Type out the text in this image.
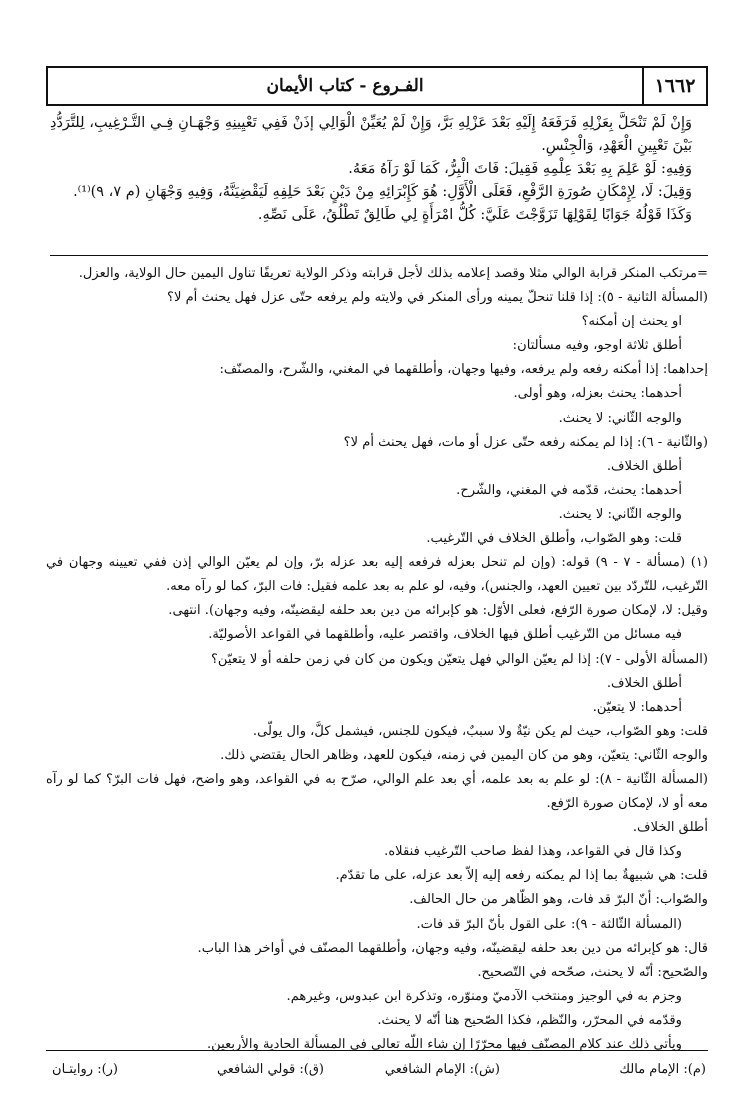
١٦٦٢
الفـروع - كتاب الأيمان

وَإِنْ لَمْ تَنْحَلَّ بِعَزْلِهِ فَرَفَعَهُ إِلَيْهِ بَعْدَ عَزْلِهِ بَرَّ، وَإِنْ لَمْ يُعَيِّنْ الْوَالِي إذَنْ فَفِي تَعْيِينِهِ وَجْهَـانِ فِـي التَّـرْغِيبِ، لِلتَّرَدُّدِ بَيْنَ تَعْيِينِ الْعَهْدِ، وَالْجِنْسِ.

وَفِيهِ: لَوْ عَلِمَ بِهِ بَعْدَ عِلْمِهِ فَقِيلَ: فَاتَ الْبِرُّ، كَمَا لَوْ رَآهُ مَعَهُ.

وَقِيلَ: لَا، لِإِمْكَانِ صُورَةِ الرَّفْعِ، فَعَلَى الْأَوَّلِ: هُوَ كَإِبْرَائِهِ مِنْ دَيْنٍ بَعْدَ حَلِفِهِ لَيَقْضِيَنَّهُ، وَفِيهِ وَجْهَانِ (م ٧، ٩)⁽¹⁾.

وَكَذَا قَوْلُهُ جَوَابًا لِقَوْلِهَا تَزَوَّجْتَ عَلَيَّ: كُلُّ امْرَأَةٍ لِي طَالِقٌ تَطْلُقُ، عَلَى نَصِّهِ.

=مرتكب المنكر قرابة الوالي مثلا وقصد إعلامه بذلك لأجل قرابته وذكر الولاية تعريفًا تناول اليمين حال الولاية، والعزل.

(المسألة الثانية - ٥): إذا قلنا تنحلّ يمينه ورأى المنكر في ولايته ولم يرفعه حتّى عزل فهل يحنث أم لا؟

او يحنث إن أمكنه؟

أطلق ثلاثة اوجو، وفيه مسألتان:

إحداهما: إذا أمكنه رفعه ولم يرفعه، وفيها وجهان، وأطلقهما في المغني، والشّرح، والمصنّف:

أحدهما: يحنث بعزله، وهو أولى.

والوجه الثّاني: لا يحنث.

(والثّانية - ٦): إذا لم يمكنه رفعه حتّى عزل أو مات، فهل يحنث أم لا؟

أطلق الخلاف.

أحدهما: يحنث، قدّمه في المغني، والشّرح.

والوجه الثّاني: لا يحنث.

قلت: وهو الصّواب، وأطلق الخلاف في التّرغيب.

(١) (مسألة - ٧ - ٩) قوله: (وإن لم تنحل بعزله فرفعه إليه بعد عزله برّ، وإن لم يعيّن الوالي إذن ففي تعيينه وجهان في التّرغيب، للتّردّد بين تعيين العهد، والجنس)، وفيه، لو علم به بعد علمه فقيل: فات البرّ، كما لو رآه معه.

وقيل: لا، لإمكان صورة الرّفع، فعلى الأوّل: هو كإبرائه من دين بعد حلفه ليقضينّه، وفيه وجهان). انتهى.

فيه مسائل من التّرغيب أطلق فيها الخلاف، واقتصر عليه، وأطلقهما في القواعد الأصوليّة.

(المسألة الأولى - ٧): إذا لم يعيّن الوالي فهل يتعيّن ويكون من كان في زمن حلفه أو لا يتعيّن؟

أطلق الخلاف.

أحدهما: لا يتعيّن.

قلت: وهو الصّواب، حيث لم يكن نيّةٌ ولا سببٌ، فيكون للجنس، فيشمل كلَّ، وال يولّى.

والوجه الثّاني: يتعيّن، وهو من كان اليمين في زمنه، فيكون للعهد، وظاهر الحال يقتضي ذلك.

(المسألة الثّانية - ٨): لو علم به بعد علمه، أي بعد علم الوالي، صرّح به في القواعد، وهو واضح، فهل فات البرّ؟ كما لو رآه معه أو لا، لإمكان صورة الرّفع.

أطلق الخلاف.

وكذا قال في القواعد، وهذا لفظ صاحب التّرغيب فنقلاه.

قلت: هي شبيهةٌ بما إذا لم يمكنه رفعه إليه إلاّ بعد عزله، على ما تقدّم.

والصّواب: أنّ البرّ قد فات، وهو الظّاهر من حال الحالف.

(المسألة الثّالثة - ٩): على القول بأنّ البرّ قد فات.

قال: هو كإبرائه من دين بعد حلفه ليقضينّه، وفيه وجهان، وأطلقهما المصنّف في أواخر هذا الباب.

والصّحيح: أنّه لا يحنث، صحّحه في التّصحيح.

وجزم به في الوجيز ومنتخب الآدميّ ومنوّره، وتذكرة ابن عبدوس، وغيرهم.

وقدّمه في المحرّر، والنّظم، فكذا الصّحيح هنا أنّه لا يحنث.

ويأتي ذلك عند كلام المصنّف فيها محرّرًا إن شاء اللّه تعالى في المسألة الحادية والأربعين.

(م): الإمام مالك
(ش): الإمام الشافعي
(ق): قولي الشافعي
(ر): روايتـان
